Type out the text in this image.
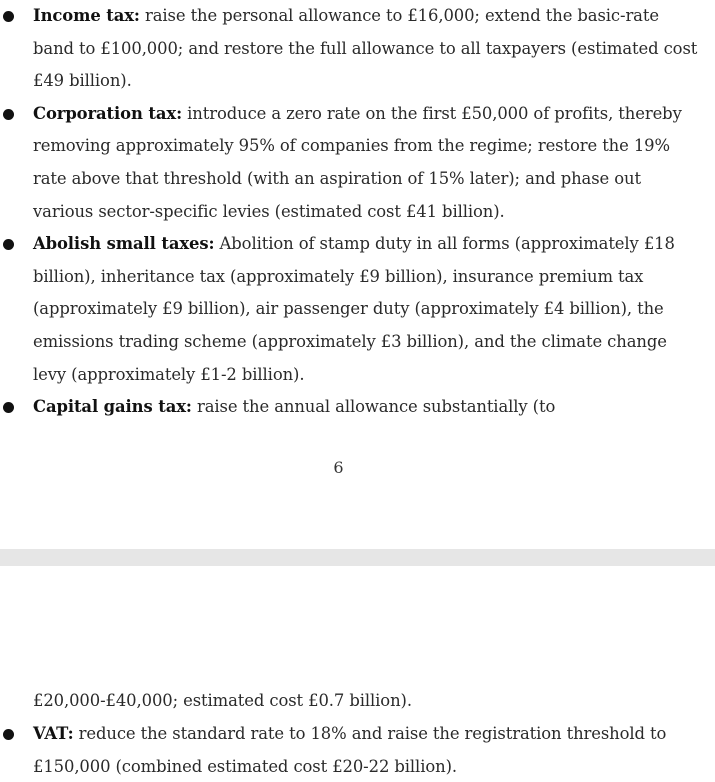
Income tax: raise the personal allowance to £16,000; extend the basic-rate band to £100,000; and restore the full allowance to all taxpayers (estimated cost £49 billion).
Corporation tax: introduce a zero rate on the first £50,000 of profits, thereby removing approximately 95% of companies from the regime; restore the 19% rate above that threshold (with an aspiration of 15% later); and phase out various sector-specific levies (estimated cost £41 billion).
Abolish small taxes: Abolition of stamp duty in all forms (approximately £18 billion), inheritance tax (approximately £9 billion), insurance premium tax (approximately £9 billion), air passenger duty (approximately £4 billion), the emissions trading scheme (approximately £3 billion), and the climate change levy (approximately £1-2 billion).
Capital gains tax: raise the annual allowance substantially (to
6
£20,000-£40,000; estimated cost £0.7 billion).
VAT: reduce the standard rate to 18% and raise the registration threshold to £150,000 (combined estimated cost £20-22 billion).
